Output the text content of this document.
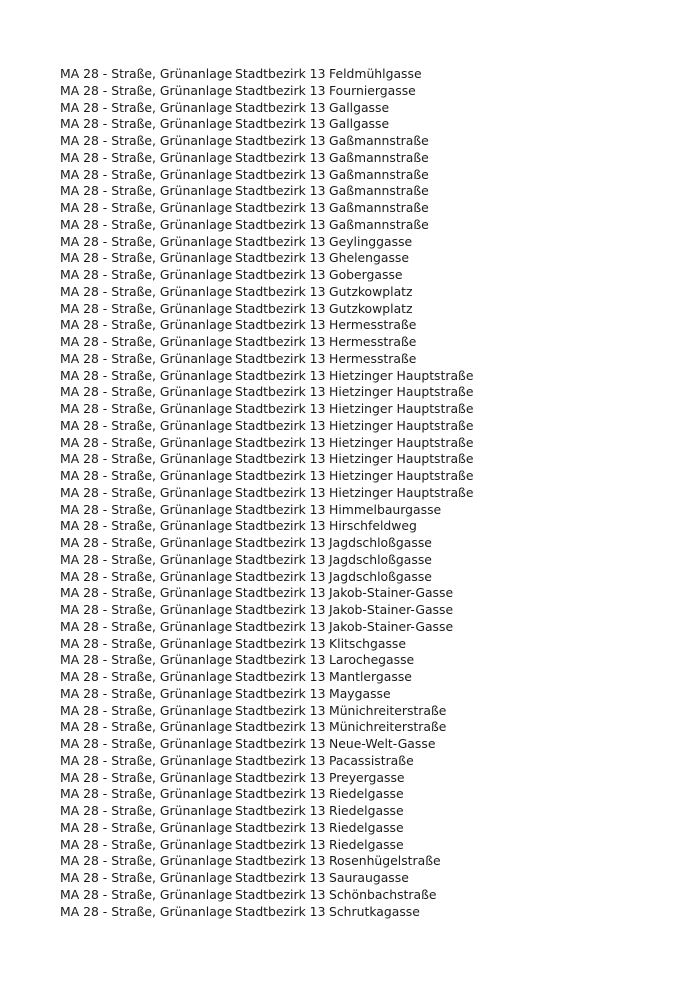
MA 28 - Straße, Grünanlage Stadtbezirk 13 Feldmühlgasse
MA 28 - Straße, Grünanlage Stadtbezirk 13 Fourniergasse
MA 28 - Straße, Grünanlage Stadtbezirk 13 Gallgasse
MA 28 - Straße, Grünanlage Stadtbezirk 13 Gallgasse
MA 28 - Straße, Grünanlage Stadtbezirk 13 Gaßmannstraße
MA 28 - Straße, Grünanlage Stadtbezirk 13 Gaßmannstraße
MA 28 - Straße, Grünanlage Stadtbezirk 13 Gaßmannstraße
MA 28 - Straße, Grünanlage Stadtbezirk 13 Gaßmannstraße
MA 28 - Straße, Grünanlage Stadtbezirk 13 Gaßmannstraße
MA 28 - Straße, Grünanlage Stadtbezirk 13 Gaßmannstraße
MA 28 - Straße, Grünanlage Stadtbezirk 13 Geylinggasse
MA 28 - Straße, Grünanlage Stadtbezirk 13 Ghelengasse
MA 28 - Straße, Grünanlage Stadtbezirk 13 Gobergasse
MA 28 - Straße, Grünanlage Stadtbezirk 13 Gutzkowplatz
MA 28 - Straße, Grünanlage Stadtbezirk 13 Gutzkowplatz
MA 28 - Straße, Grünanlage Stadtbezirk 13 Hermesstraße
MA 28 - Straße, Grünanlage Stadtbezirk 13 Hermesstraße
MA 28 - Straße, Grünanlage Stadtbezirk 13 Hermesstraße
MA 28 - Straße, Grünanlage Stadtbezirk 13 Hietzinger Hauptstraße
MA 28 - Straße, Grünanlage Stadtbezirk 13 Hietzinger Hauptstraße
MA 28 - Straße, Grünanlage Stadtbezirk 13 Hietzinger Hauptstraße
MA 28 - Straße, Grünanlage Stadtbezirk 13 Hietzinger Hauptstraße
MA 28 - Straße, Grünanlage Stadtbezirk 13 Hietzinger Hauptstraße
MA 28 - Straße, Grünanlage Stadtbezirk 13 Hietzinger Hauptstraße
MA 28 - Straße, Grünanlage Stadtbezirk 13 Hietzinger Hauptstraße
MA 28 - Straße, Grünanlage Stadtbezirk 13 Hietzinger Hauptstraße
MA 28 - Straße, Grünanlage Stadtbezirk 13 Himmelbaurgasse
MA 28 - Straße, Grünanlage Stadtbezirk 13 Hirschfeldweg
MA 28 - Straße, Grünanlage Stadtbezirk 13 Jagdschloßgasse
MA 28 - Straße, Grünanlage Stadtbezirk 13 Jagdschloßgasse
MA 28 - Straße, Grünanlage Stadtbezirk 13 Jagdschloßgasse
MA 28 - Straße, Grünanlage Stadtbezirk 13 Jakob-Stainer-Gasse
MA 28 - Straße, Grünanlage Stadtbezirk 13 Jakob-Stainer-Gasse
MA 28 - Straße, Grünanlage Stadtbezirk 13 Jakob-Stainer-Gasse
MA 28 - Straße, Grünanlage Stadtbezirk 13 Klitschgasse
MA 28 - Straße, Grünanlage Stadtbezirk 13 Larochegasse
MA 28 - Straße, Grünanlage Stadtbezirk 13 Mantlergasse
MA 28 - Straße, Grünanlage Stadtbezirk 13 Maygasse
MA 28 - Straße, Grünanlage Stadtbezirk 13 Münichreiterstraße
MA 28 - Straße, Grünanlage Stadtbezirk 13 Münichreiterstraße
MA 28 - Straße, Grünanlage Stadtbezirk 13 Neue-Welt-Gasse
MA 28 - Straße, Grünanlage Stadtbezirk 13 Pacassistraße
MA 28 - Straße, Grünanlage Stadtbezirk 13 Preyergasse
MA 28 - Straße, Grünanlage Stadtbezirk 13 Riedelgasse
MA 28 - Straße, Grünanlage Stadtbezirk 13 Riedelgasse
MA 28 - Straße, Grünanlage Stadtbezirk 13 Riedelgasse
MA 28 - Straße, Grünanlage Stadtbezirk 13 Riedelgasse
MA 28 - Straße, Grünanlage Stadtbezirk 13 Rosenhügelstraße
MA 28 - Straße, Grünanlage Stadtbezirk 13 Sauraugasse
MA 28 - Straße, Grünanlage Stadtbezirk 13 Schönbachstraße
MA 28 - Straße, Grünanlage Stadtbezirk 13 Schrutkagasse
